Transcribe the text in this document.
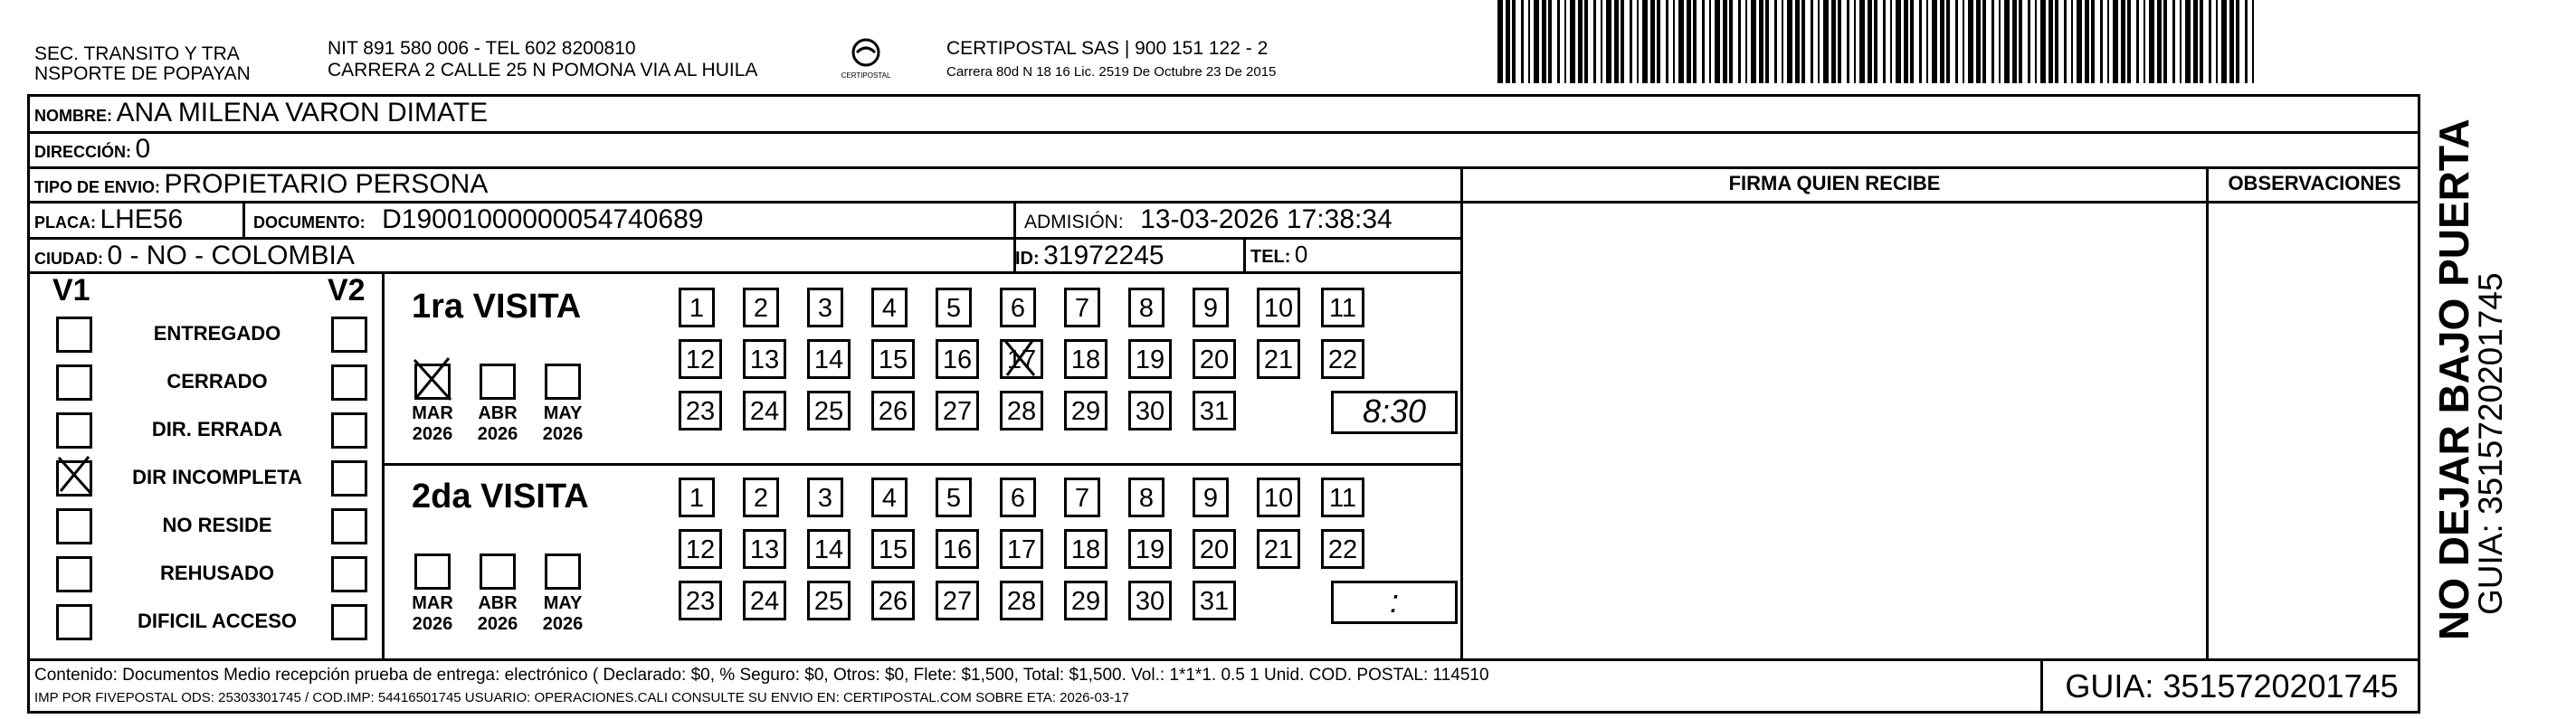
SEC. TRANSITO Y TRA
NSPORTE DE POPAYAN
NIT 891 580 006 - TEL 602 8200810
CARRERA 2 CALLE 25 N POMONA VIA AL HUILA	CERTIPOSTAL
CERTIPOSTAL SAS | 900 151 122 - 2
Carrera 80d N 18 16 Lic. 2519 De Octubre 23 De 2015
NOMBRE: ANA MILENA VARON DIMATE
DIRECCIÓN: 0
TIPO DE ENVIO: PROPIETARIO PERSONA
PLACA: LHE56	DOCUMENTO: D19001000000054740689	ADMISIÓN: 13-03-2026 17:38:34
CIUDAD: 0 - NO - COLOMBIA	ID: 31972245	TEL: 0
FIRMA QUIEN RECIBE	OBSERVACIONES
V1	V2
ENTREGADO
CERRADO
DIR. ERRADA
DIR INCOMPLETA
NO RESIDE
REHUSADO
DIFICIL ACCESO
1ra VISITA
2da VISITA
MAR
2026
ABR
2026
MAY
2026
MAR
2026
ABR
2026
MAY
2026
1	2	3	4	5	6	7	8	9	10	11
12 13 14 15 16 17 18 19 20 21 22
23 24 25 26 27 28 29 30 31	8:30
1	2	3	4	5	6	7	8	9	10	11
12 13 14 15 16 17 18 19 20 21 22
23 24 25 26 27 28 29 30 31	:	NO DEJAR BAJO PUERTA
GUIA: 3515720201745
Contenido: Documentos Medio recepción prueba de entrega: electrónico ( Declarado: $0, % Seguro: $0, Otros: $0, Flete: $1,500, Total: $1,500. Vol.: 1*1*1. 0.5 1 Unid. COD. POSTAL: 114510
IMP POR FIVEPOSTAL ODS: 25303301745 / COD.IMP: 54416501745 USUARIO: OPERACIONES.CALI CONSULTE SU ENVIO EN: CERTIPOSTAL.COM SOBRE ETA: 2026-03-17	GUIA: 3515720201745
